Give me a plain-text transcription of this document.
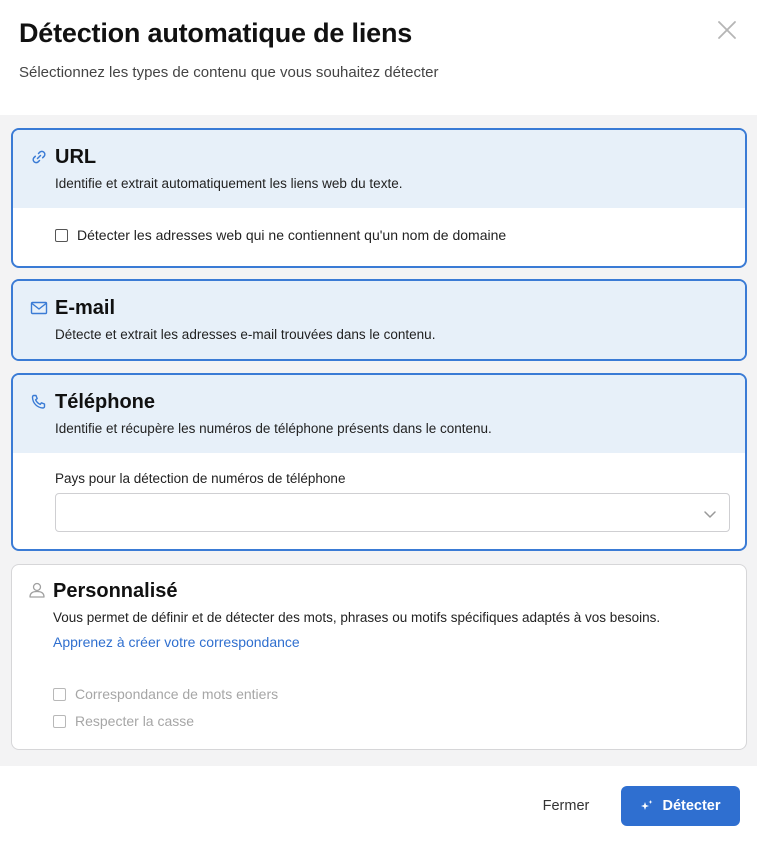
Détection automatique de liens
Sélectionnez les types de contenu que vous souhaitez détecter
URL
Identifie et extrait automatiquement les liens web du texte.
Détecter les adresses web qui ne contiennent qu'un nom de domaine
E-mail
Détecte et extrait les adresses e-mail trouvées dans le contenu.
Téléphone
Identifie et récupère les numéros de téléphone présents dans le contenu.
Pays pour la détection de numéros de téléphone
Personnalisé
Vous permet de définir et de détecter des mots, phrases ou motifs spécifiques adaptés à vos besoins.
Apprenez à créer votre correspondance
Correspondance de mots entiers
Respecter la casse
Fermer	Détecter
